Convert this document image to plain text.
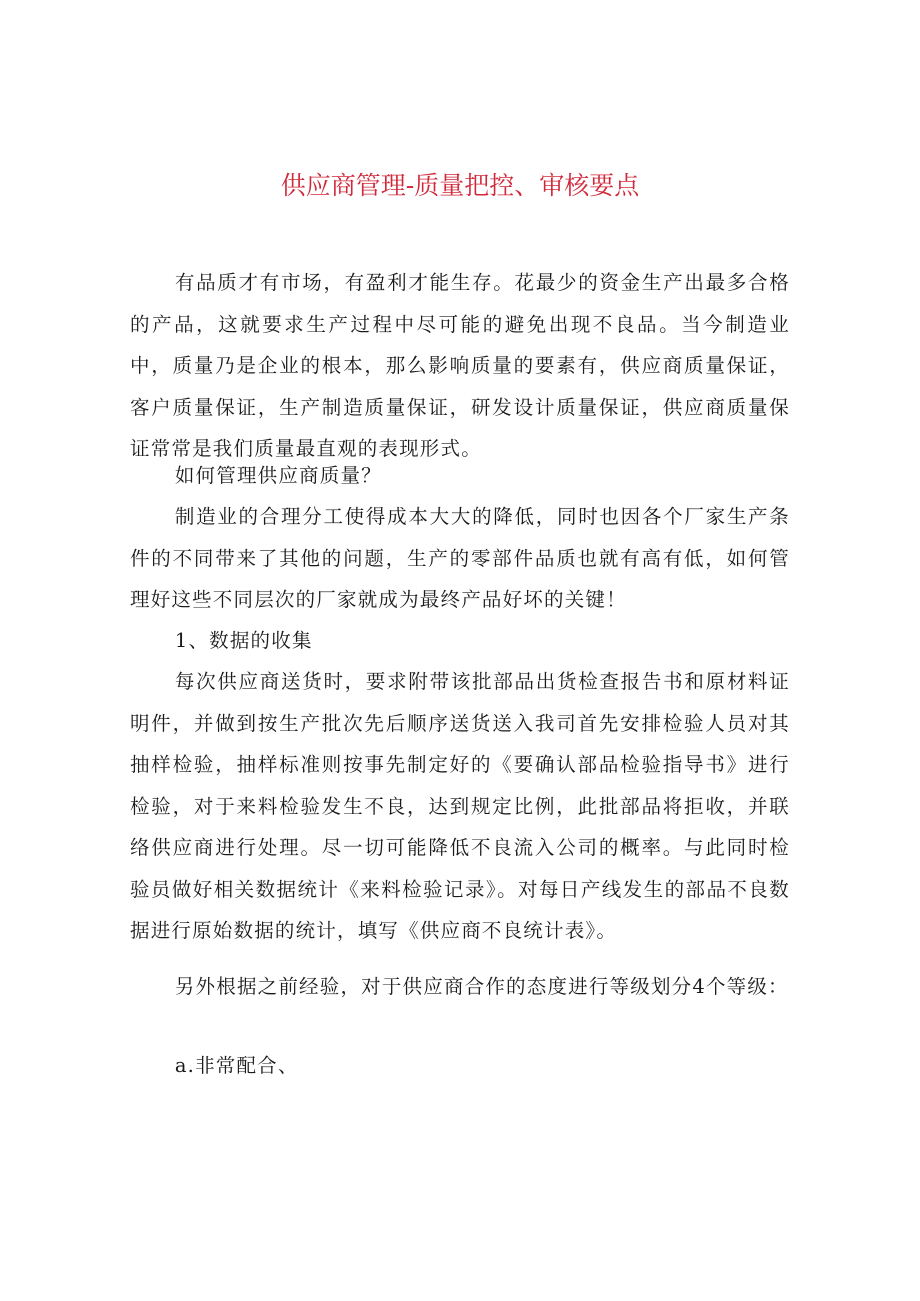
供应商管理-质量把控、审核要点

有品质才有市场，有盈利才能生存。花最少的资金生产出最多合格的产品，这就要求生产过程中尽可能的避免出现不良品。当今制造业中，质量乃是企业的根本，那么影响质量的要素有，供应商质量保证，客户质量保证，生产制造质量保证，研发设计质量保证，供应商质量保证常常是我们质量最直观的表现形式。

如何管理供应商质量？

制造业的合理分工使得成本大大的降低，同时也因各个厂家生产条件的不同带来了其他的问题，生产的零部件品质也就有高有低，如何管理好这些不同层次的厂家就成为最终产品好坏的关键！

1、数据的收集

每次供应商送货时，要求附带该批部品出货检查报告书和原材料证明件，并做到按生产批次先后顺序送货送入我司首先安排检验人员对其抽样检验，抽样标准则按事先制定好的《要确认部品检验指导书》进行检验，对于来料检验发生不良，达到规定比例，此批部品将拒收，并联络供应商进行处理。尽一切可能降低不良流入公司的概率。与此同时检验员做好相关数据统计《来料检验记录》。对每日产线发生的部品不良数据进行原始数据的统计，填写《供应商不良统计表》。

另外根据之前经验，对于供应商合作的态度进行等级划分4个等级：

a.非常配合、
